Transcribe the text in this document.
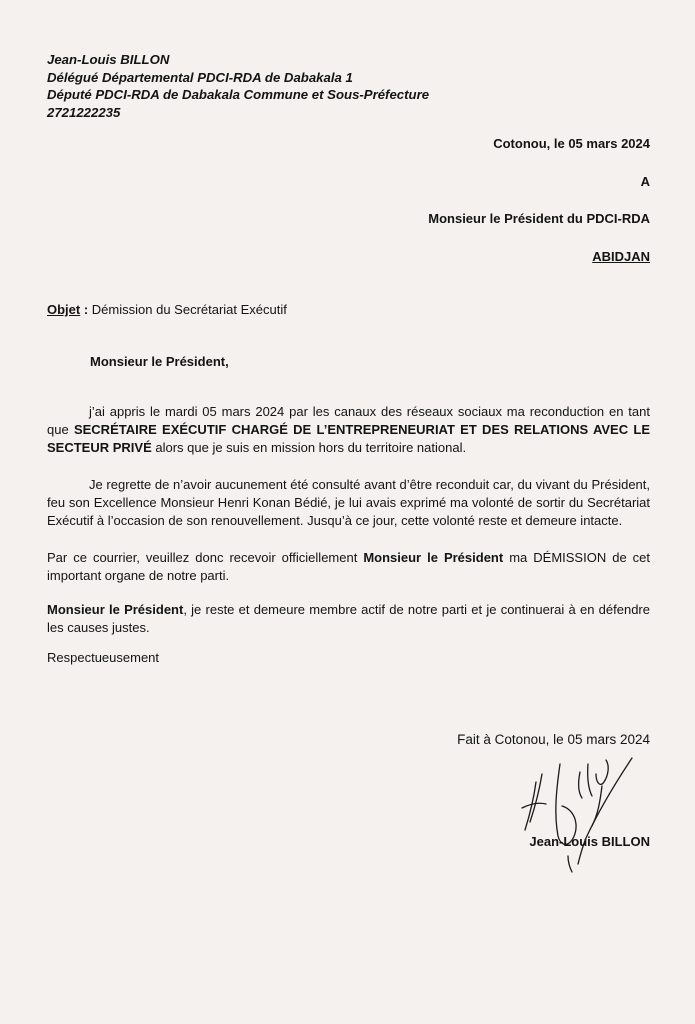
Jean-Louis BILLON
Délégué Départemental PDCI-RDA de Dabakala 1
Député PDCI-RDA de Dabakala Commune et Sous-Préfecture
2721222235
Cotonou, le 05 mars 2024
A
Monsieur le Président du PDCI-RDA
ABIDJAN
Objet : Démission du Secrétariat Exécutif
Monsieur le Président,
j’ai appris le mardi 05 mars 2024 par les canaux des réseaux sociaux ma reconduction en tant que SECRÉTAIRE EXÉCUTIF CHARGÉ DE L’ENTREPRENEURIAT ET DES RELATIONS AVEC LE SECTEUR PRIVÉ alors que je suis en mission hors du territoire national.
Je regrette de n’avoir aucunement été consulté avant d’être reconduit car, du vivant du Président, feu son Excellence Monsieur Henri Konan Bédié, je lui avais exprimé ma volonté de sortir du Secrétariat Exécutif à l’occasion de son renouvellement. Jusqu’à ce jour, cette volonté reste et demeure intacte.
Par ce courrier, veuillez donc recevoir officiellement Monsieur le Président ma DÉMISSION de cet important organe de notre parti.
Monsieur le Président, je reste et demeure membre actif de notre parti et je continuerai à en défendre les causes justes.
Respectueusement
Fait à Cotonou, le 05 mars 2024
Jean-Louis BILLON
